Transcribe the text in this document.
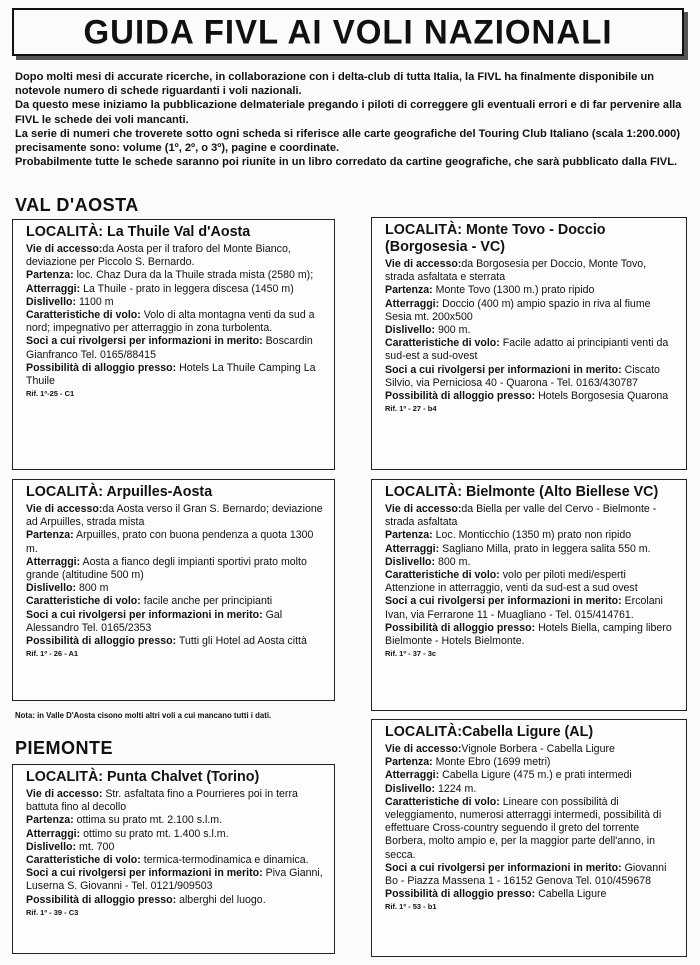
GUIDA FIVL AI VOLI NAZIONALI

Dopo molti mesi di accurate ricerche, in collaborazione con i delta-club di tutta Italia, la FIVL ha finalmente disponibile un notevole numero di schede riguardanti i voli nazionali.

Da questo mese iniziamo la pubblicazione delmateriale pregando i piloti di correggere gli eventuali errori e di far pervenire alla FIVL le schede dei voli mancanti.

La serie di numeri che troverete sotto ogni scheda si riferisce alle carte geografiche del Touring Club Italiano (scala 1:200.000) precisamente sono: volume (1º, 2º, o 3º), pagine e coordinate.

Probabilmente tutte le schede saranno poi riunite in un libro corredato da cartine geografiche, che sarà pubblicato dalla FIVL.

VAL D'AOSTA
PIEMONTE
LOCALITÀ: La Thuile Val d'Aosta

Vie di accesso:da Aosta per il traforo del Monte Bianco, deviazione per Piccolo S. Bernardo.

Partenza: loc. Chaz Dura da la Thuile strada mista (2580 m);

Atterraggi: La Thuile - prato in leggera discesa (1450 m)

Dislivello: 1100 m

Caratteristiche di volo: Volo di alta montagna venti da sud a nord; impegnativo per atterraggio in zona turbolenta.

Soci a cui rivolgersi per informazioni in merito: Boscardin Gianfranco Tel. 0165/88415

Possibilità di alloggio presso: Hotels La Thuile Camping La Thuile

Rif. 1º-25 - C1
LOCALITÀ: Arpuilles-Aosta

Vie di accesso:da Aosta verso il Gran S. Bernardo; deviazione ad Arpuilles, strada mista

Partenza: Arpuilles, prato con buona pendenza a quota 1300 m.

Atterraggi: Aosta a fianco degli impianti sportivi prato molto grande (altitudine 500 m)

Dislivello: 800 m

Caratteristiche di volo: facile anche per principianti

Soci a cui rivolgersi per informazioni in merito: Gal Alessandro Tel. 0165/2353

Possibilità di alloggio presso: Tutti gli Hotel ad Aosta città

Rif. 1º - 26 - A1
Nota: in Valle D'Aosta cisono molti altri voli a cui mancano tutti i dati.
LOCALITÀ: Punta Chalvet (Torino)

Vie di accesso: Str. asfaltata fino a Pourrieres poi in terra battuta fino al decollo

Partenza: ottima su prato mt. 2.100 s.l.m.

Atterraggi: ottimo su prato mt. 1.400 s.l.m.

Dislivello: mt. 700

Caratteristiche di volo: termica-termodinamica e dinamica.

Soci a cui rivolgersi per informazioni in merito: Piva Gianni, Luserna S. Giovanni - Tel. 0121/909503

Possibilità di alloggio presso: alberghi del luogo.

Rif. 1º - 39 - C3
LOCALITÀ: Monte Tovo - Doccio (Borgosesia - VC)

Vie di accesso:da Borgosesia per Doccio, Monte Tovo, strada asfaltata e sterrata

Partenza: Monte Tovo (1300 m.) prato ripido

Atterraggi: Doccio (400 m) ampio spazio in riva al fiume Sesia mt. 200x500

Dislivello: 900 m.

Caratteristiche di volo: Facile adatto ai principianti venti da sud-est a sud-ovest

Soci a cui rivolgersi per informazioni in merito: Ciscato Silvio, via Perniciosa 40 - Quarona - Tel. 0163/430787

Possibilità di alloggio presso: Hotels Borgosesia Quarona

Rif. 1º - 27 - b4
LOCALITÀ: Bielmonte (Alto Biellese VC)

Vie di accesso:da Biella per valle del Cervo - Bielmonte - strada asfaltata

Partenza: Loc. Monticchio (1350 m) prato non ripido

Atterraggi: Sagliano Milla, prato in leggera salita 550 m.

Dislivello: 800 m.

Caratteristiche di volo: volo per piloti medi/esperti Attenzione in atterraggio, venti da sud-est a sud ovest

Soci a cui rivolgersi per informazioni in merito: Ercolani Ivan, via Ferrarone 11 - Muagliano - Tel. 015/414761.

Possibilità di alloggio presso: Hotels Biella, camping libero Bielmonte - Hotels Bielmonte.

Rif. 1º - 37 - 3c
LOCALITÀ:Cabella Ligure (AL)

Vie di accesso:Vignole Borbera - Cabella Ligure

Partenza: Monte Ebro (1699 metri)

Atterraggi: Cabella Ligure (475 m.) e prati intermedi

Dislivello: 1224 m.

Caratteristiche di volo: Lineare con possibilità di veleggiamento, numerosi atterraggi intermedi, possibilità di effettuare Cross-country seguendo il greto del torrente Borbera, molto ampio e, per la maggior parte dell'anno, in secca.

Soci a cui rivolgersi per informazioni in merito: Giovanni Bo - Piazza Massena 1 - 16152 Genova Tel. 010/459678

Possibilità di alloggio presso: Cabella Ligure

Rif. 1º - 53 - b1
